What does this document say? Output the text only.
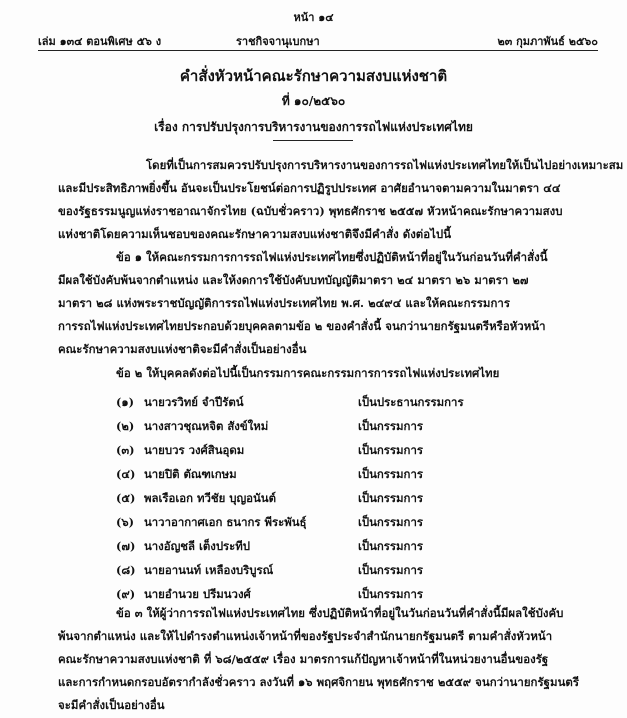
หน้า ๑๔
เล่ม ๑๓๔ ตอนพิเศษ ๕๖ ง	ราชกิจจานุเบกษา	๒๓ กุมภาพันธ์ ๒๕๖๐
คำสั่งหัวหน้าคณะรักษาความสงบแห่งชาติ
ที่ ๑๐/๒๕๖๐
เรื่อง การปรับปรุงการบริหารงานของการรถไฟแห่งประเทศไทย
โดยที่เป็นการสมควรปรับปรุงการบริหารงานของการรถไฟแห่งประเทศไทยให้เป็นไปอย่างเหมาะสม
และมีประสิทธิภาพยิ่งขึ้น อันจะเป็นประโยชน์ต่อการปฏิรูปประเทศ อาศัยอำนาจตามความในมาตรา ๔๔
ของรัฐธรรมนูญแห่งราชอาณาจักรไทย (ฉบับชั่วคราว) พุทธศักราช ๒๕๕๗ หัวหน้าคณะรักษาความสงบ
แห่งชาติโดยความเห็นชอบของคณะรักษาความสงบแห่งชาติจึงมีคำสั่ง ดังต่อไปนี้
ข้อ ๑ ให้คณะกรรมการการรถไฟแห่งประเทศไทยซึ่งปฏิบัติหน้าที่อยู่ในวันก่อนวันที่คำสั่งนี้
มีผลใช้บังคับพ้นจากตำแหน่ง และให้งดการใช้บังคับบทบัญญัติมาตรา ๒๔ มาตรา ๒๖ มาตรา ๒๗
มาตรา ๒๘ แห่งพระราชบัญญัติการรถไฟแห่งประเทศไทย พ.ศ. ๒๔๙๔ และให้คณะกรรมการ
การรถไฟแห่งประเทศไทยประกอบด้วยบุคคลตามข้อ ๒ ของคำสั่งนี้ จนกว่านายกรัฐมนตรีหรือหัวหน้า
คณะรักษาความสงบแห่งชาติจะมีคำสั่งเป็นอย่างอื่น
ข้อ ๒ ให้บุคคลดังต่อไปนี้เป็นกรรมการคณะกรรมการการรถไฟแห่งประเทศไทย
(๑) นายวรวิทย์ จำปีรัตน์	เป็นประธานกรรมการ
(๒) นางสาวชุณหจิต สังข์ใหม่	เป็นกรรมการ
(๓) นายบวร วงศ์สินอุดม	เป็นกรรมการ
(๔) นายปิติ ตัณฑเกษม	เป็นกรรมการ
(๕) พลเรือเอก ทวีชัย บุญอนันต์	เป็นกรรมการ
(๖) นาวาอากาศเอก ธนากร พีระพันธุ์	เป็นกรรมการ
(๗) นางอัญชลี เต็งประทีป	เป็นกรรมการ
(๘) นายอานนท์ เหลืองบริบูรณ์	เป็นกรรมการ
(๙) นายอำนวย ปรีมนวงศ์	เป็นกรรมการ
ข้อ ๓ ให้ผู้ว่าการรถไฟแห่งประเทศไทย ซึ่งปฏิบัติหน้าที่อยู่ในวันก่อนวันที่คำสั่งนี้มีผลใช้บังคับ
พ้นจากตำแหน่ง และให้ไปดำรงตำแหน่งเจ้าหน้าที่ของรัฐประจำสำนักนายกรัฐมนตรี ตามคำสั่งหัวหน้า
คณะรักษาความสงบแห่งชาติ ที่ ๖๘/๒๕๕๙ เรื่อง มาตรการแก้ปัญหาเจ้าหน้าที่ในหน่วยงานอื่นของรัฐ
และการกำหนดกรอบอัตรากำลังชั่วคราว ลงวันที่ ๑๖ พฤศจิกายน พุทธศักราช ๒๕๕๙ จนกว่านายกรัฐมนตรี
จะมีคำสั่งเป็นอย่างอื่น
